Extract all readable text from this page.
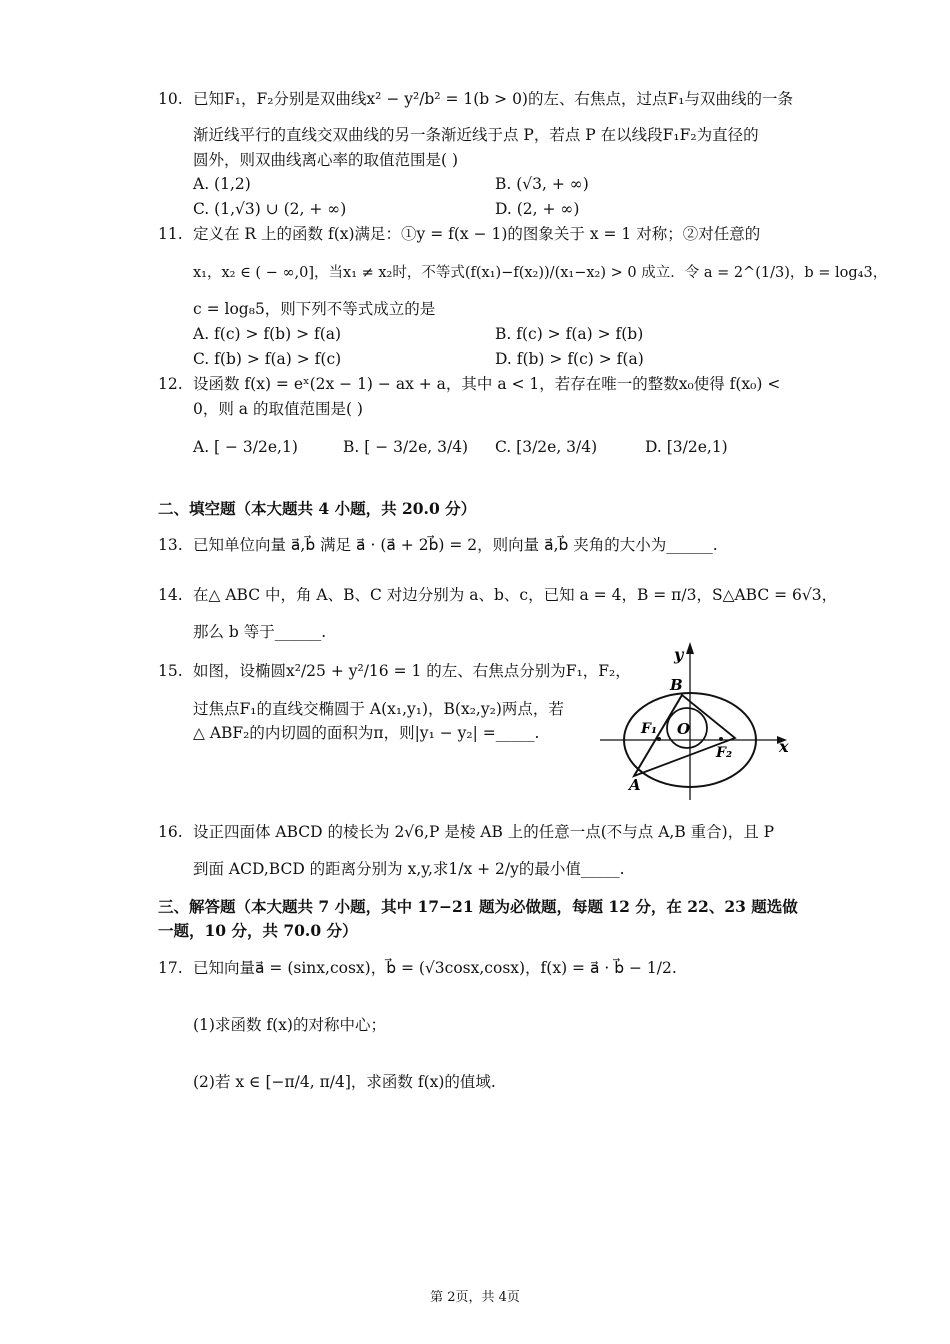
10. 已知F₁，F₂分别是双曲线x² − y²/b² = 1(b > 0)的左、右焦点，过点F₁与双曲线的一条
渐近线平行的直线交双曲线的另一条渐近线于点 P，若点 P 在以线段F₁F₂为直径的
圆外，则双曲线离心率的取值范围是( )
A. (1,2)	B. (√3, + ∞)
C. (1,√3) ∪ (2, + ∞)	D. (2, + ∞)
11. 定义在 R 上的函数 f(x)满足：①y = f(x − 1)的图象关于 x = 1 对称；②对任意的
x₁，x₂ ∈ ( − ∞,0]，当x₁ ≠ x₂时，不等式(f(x₁)−f(x₂))/(x₁−x₂) > 0 成立．令 a = 2^(1/3)，b = log₄3，
c = log₈5，则下列不等式成立的是
A. f(c) > f(b) > f(a)	B. f(c) > f(a) > f(b)
C. f(b) > f(a) > f(c)	D. f(b) > f(c) > f(a)
12. 设函数 f(x) = eˣ(2x − 1) − ax + a，其中 a < 1，若存在唯一的整数x₀使得 f(x₀) <
0，则 a 的取值范围是( )
A. [ − 3/2e,1)	B. [ − 3/2e, 3/4) C. [3/2e, 3/4)	D. [3/2e,1)
二、填空题（本大题共 4 小题，共 20.0 分）
13. 已知单位向量 a⃗,b⃗ 满足 a⃗ · (a⃗ + 2b⃗) = 2，则向量 a⃗,b⃗ 夹角的大小为______.
14. 在△ ABC 中，角 A、B、C 对边分别为 a、b、c，已知 a = 4，B = π/3，S△ABC = 6√3，
那么 b 等于______.
15. 如图，设椭圆x²/25 + y²/16 = 1 的左、右焦点分别为F₁，F₂，
过焦点F₁的直线交椭圆于 A(x₁,y₁)，B(x₂,y₂)两点，若
△ ABF₂的内切圆的面积为π，则|y₁ − y₂| =_____.
y
x
B
F₁ O
F₂
A
16. 设正四面体 ABCD 的棱长为 2√6,P 是棱 AB 上的任意一点(不与点 A,B 重合)，且 P
到面 ACD,BCD 的距离分别为 x,y,求1/x + 2/y的最小值_____.
三、解答题（本大题共 7 小题，其中 17−21 题为必做题，每题 12 分，在 22、23 题选做
一题，10 分，共 70.0 分）
17. 已知向量a⃗ = (sinx,cosx)，b⃗ = (√3cosx,cosx)，f(x) = a⃗ · b⃗ − 1/2.
(1)求函数 f(x)的对称中心；
(2)若 x ∈ [−π/4, π/4]，求函数 f(x)的值域.
第 2页，共 4页
